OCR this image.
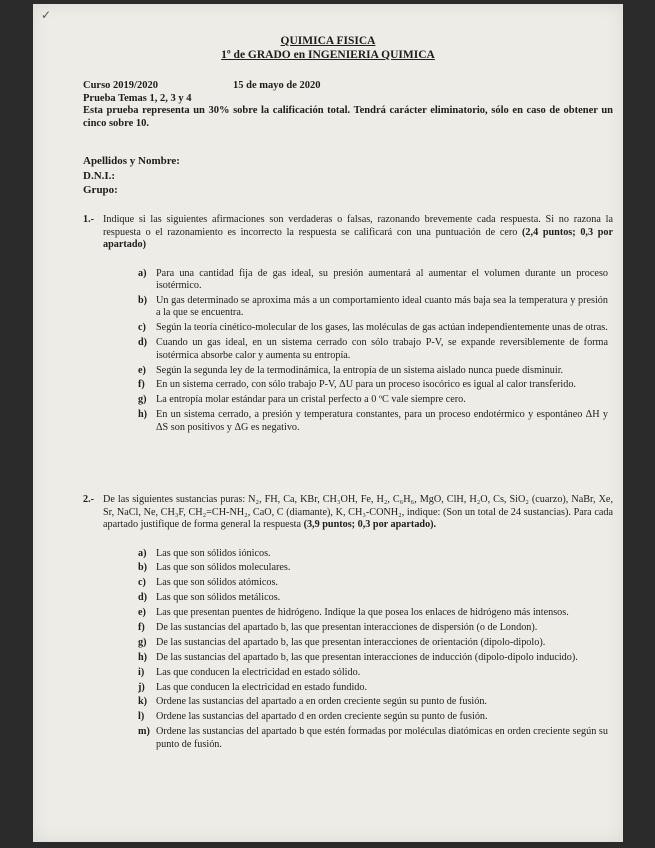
✓
QUIMICA FISICA
1º de GRADO en INGENIERIA QUIMICA
Curso 2019/2020	15 de mayo de 2020
Prueba Temas 1, 2, 3 y 4
Esta prueba representa un 30% sobre la calificación total. Tendrá carácter eliminatorio, sólo en caso de obtener un cinco sobre 10.
Apellidos y Nombre:
D.N.I.:
Grupo:
1.- Indique si las siguientes afirmaciones son verdaderas o falsas, razonando brevemente cada respuesta. Si no razona la respuesta o el razonamiento es incorrecto la respuesta se calificará con una puntuación de cero (2,4 puntos; 0,3 por apartado)
a) Para una cantidad fija de gas ideal, su presión aumentará al aumentar el volumen durante un proceso isotérmico.
b) Un gas determinado se aproxima más a un comportamiento ideal cuanto más baja sea la temperatura y presión a la que se encuentra.
c) Según la teoría cinético-molecular de los gases, las moléculas de gas actúan independientemente unas de otras.
d) Cuando un gas ideal, en un sistema cerrado con sólo trabajo P-V, se expande reversiblemente de forma isotérmica absorbe calor y aumenta su entropía.
e) Según la segunda ley de la termodinámica, la entropía de un sistema aislado nunca puede disminuir.
f) En un sistema cerrado, con sólo trabajo P-V, ΔU para un proceso isocórico es igual al calor transferido.
g) La entropía molar estándar para un cristal perfecto a 0 ºC vale siempre cero.
h) En un sistema cerrado, a presión y temperatura constantes, para un proceso endotérmico y espontáneo ΔH y ΔS son positivos y ΔG es negativo.
2.- De las siguientes sustancias puras: N₂, FH, Ca, KBr, CH₃OH, Fe, H₂, C₆H₆, MgO, ClH, H₂O, Cs, SiO₂ (cuarzo), NaBr, Xe, Sr, NaCl, Ne, CH₃F, CH₂=CH-NH₂, CaO, C (diamante), K, CH₃-CONH₂, indique: (Son un total de 24 sustancias). Para cada apartado justifique de forma general la respuesta (3,9 puntos; 0,3 por apartado).
a) Las que son sólidos iónicos.
b) Las que son sólidos moleculares.
c) Las que son sólidos atómicos.
d) Las que son sólidos metálicos.
e) Las que presentan puentes de hidrógeno. Indique la que posea los enlaces de hidrógeno más intensos.
f) De las sustancias del apartado b, las que presentan interacciones de dispersión (o de London).
g) De las sustancias del apartado b, las que presentan interacciones de orientación (dipolo-dipolo).
h) De las sustancias del apartado b, las que presentan interacciones de inducción (dipolo-dipolo inducido).
i) Las que conducen la electricidad en estado sólido.
j) Las que conducen la electricidad en estado fundido.
k) Ordene las sustancias del apartado a en orden creciente según su punto de fusión.
l) Ordene las sustancias del apartado d en orden creciente según su punto de fusión.
m) Ordene las sustancias del apartado b que estén formadas por moléculas diatómicas en orden creciente según su punto de fusión.
